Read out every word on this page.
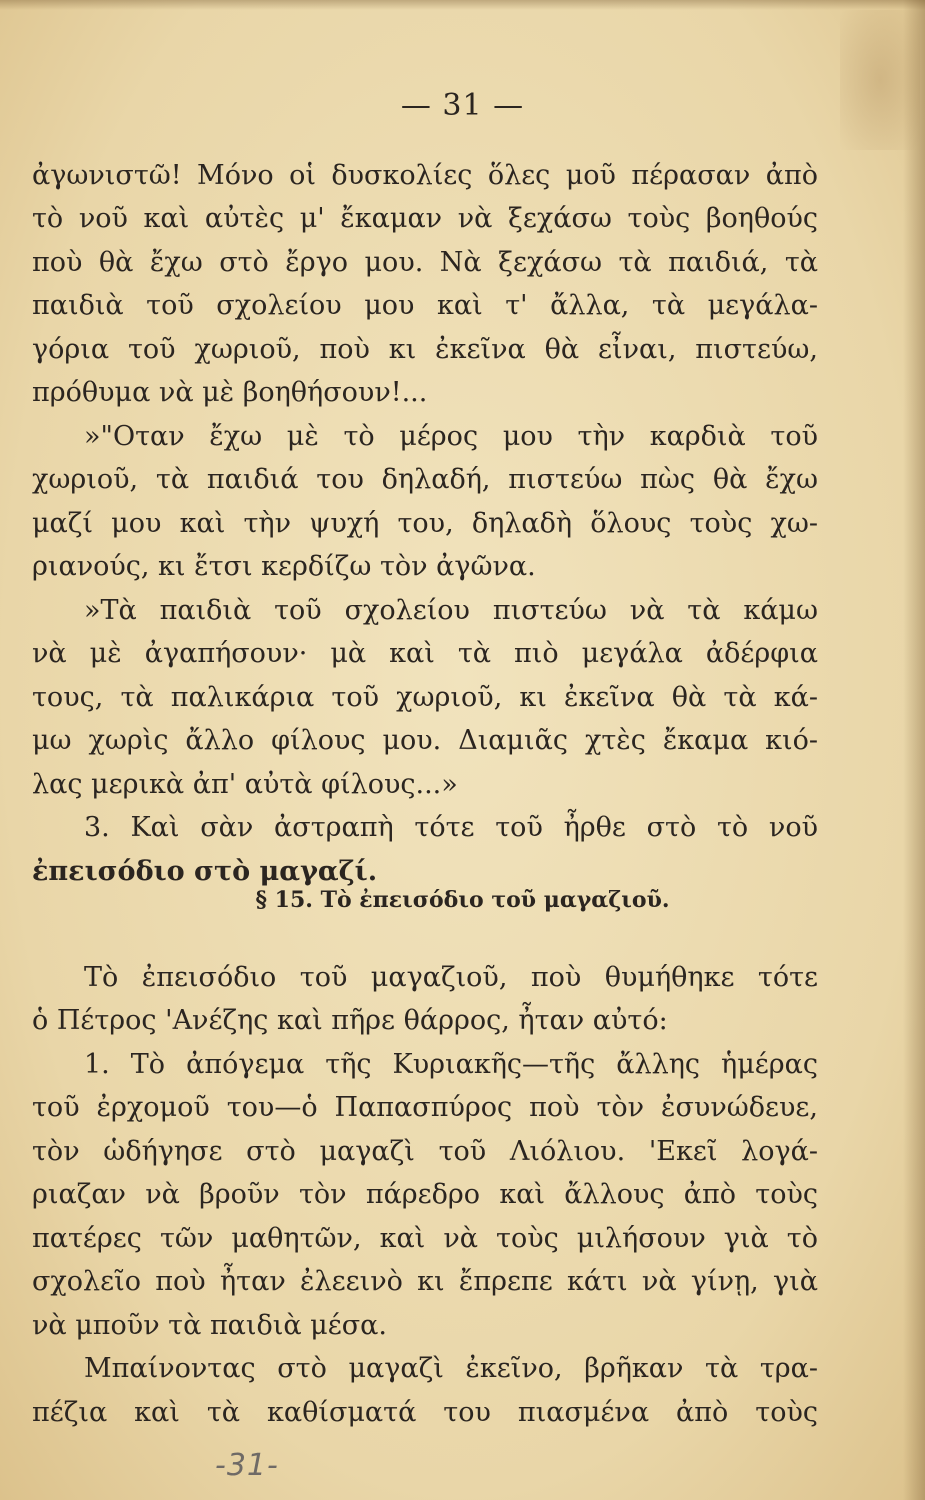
— 31 —
ἀγωνιστῶ! Μόνο οἱ δυσκολίες ὅλες μοῦ πέρασαν ἀπὸ
τὸ νοῦ καὶ αὐτὲς μ' ἔκαμαν νὰ ξεχάσω τοὺς βοηθούς
ποὺ θὰ ἔχω στὸ ἔργο μου. Νὰ ξεχάσω τὰ παιδιά, τὰ
παιδιὰ τοῦ σχολείου μου καὶ τ' ἄλλα, τὰ μεγάλα-
γόρια τοῦ χωριοῦ, ποὺ κι ἐκεῖνα θὰ εἶναι, πιστεύω,
πρόθυμα νὰ μὲ βοηθήσουν!...
»"Οταν ἔχω μὲ τὸ μέρος μου τὴν καρδιὰ τοῦ
χωριοῦ, τὰ παιδιά του δηλαδή, πιστεύω πὼς θὰ ἔχω
μαζί μου καὶ τὴν ψυχή του, δηλαδὴ ὅλους τοὺς χω-
ριανούς, κι ἔτσι κερδίζω τὸν ἀγῶνα.
»Τὰ παιδιὰ τοῦ σχολείου πιστεύω νὰ τὰ κάμω
νὰ μὲ ἀγαπήσουν· μὰ καὶ τὰ πιὸ μεγάλα ἀδέρφια
τους, τὰ παλικάρια τοῦ χωριοῦ, κι ἐκεῖνα θὰ τὰ κά-
μω χωρὶς ἄλλο φίλους μου. Διαμιᾶς χτὲς ἔκαμα κιό-
λας μερικὰ ἀπ' αὐτὰ φίλους...»
3. Καὶ σὰν ἀστραπὴ τότε τοῦ ἦρθε στὸ τὸ νοῦ
ἐπεισόδιο στὸ μαγαζί.
§ 15. Τὸ ἐπεισόδιο τοῦ μαγαζιοῦ.
Τὸ ἐπεισόδιο τοῦ μαγαζιοῦ, ποὺ θυμήθηκε τότε
ὁ Πέτρος 'Ανέζης καὶ πῆρε θάρρος, ἦταν αὐτό:
1. Τὸ ἀπόγεμα τῆς Κυριακῆς—τῆς ἄλλης ἡμέρας
τοῦ ἐρχομοῦ του—ὁ Παπασπύρος ποὺ τὸν ἐσυνώδευε,
τὸν ὡδήγησε στὸ μαγαζὶ τοῦ Λιόλιου. 'Εκεῖ λογά-
ριαζαν νὰ βροῦν τὸν πάρεδρο καὶ ἄλλους ἀπὸ τοὺς
πατέρες τῶν μαθητῶν, καὶ νὰ τοὺς μιλήσουν γιὰ τὸ
σχολεῖο ποὺ ἦταν ἐλεεινὸ κι ἔπρεπε κάτι νὰ γίνῃ, γιὰ
νὰ μποῦν τὰ παιδιὰ μέσα.
Μπαίνοντας στὸ μαγαζὶ ἐκεῖνο, βρῆκαν τὰ τρα-
πέζια καὶ τὰ καθίσματά του πιασμένα ἀπὸ τοὺς
-31-
